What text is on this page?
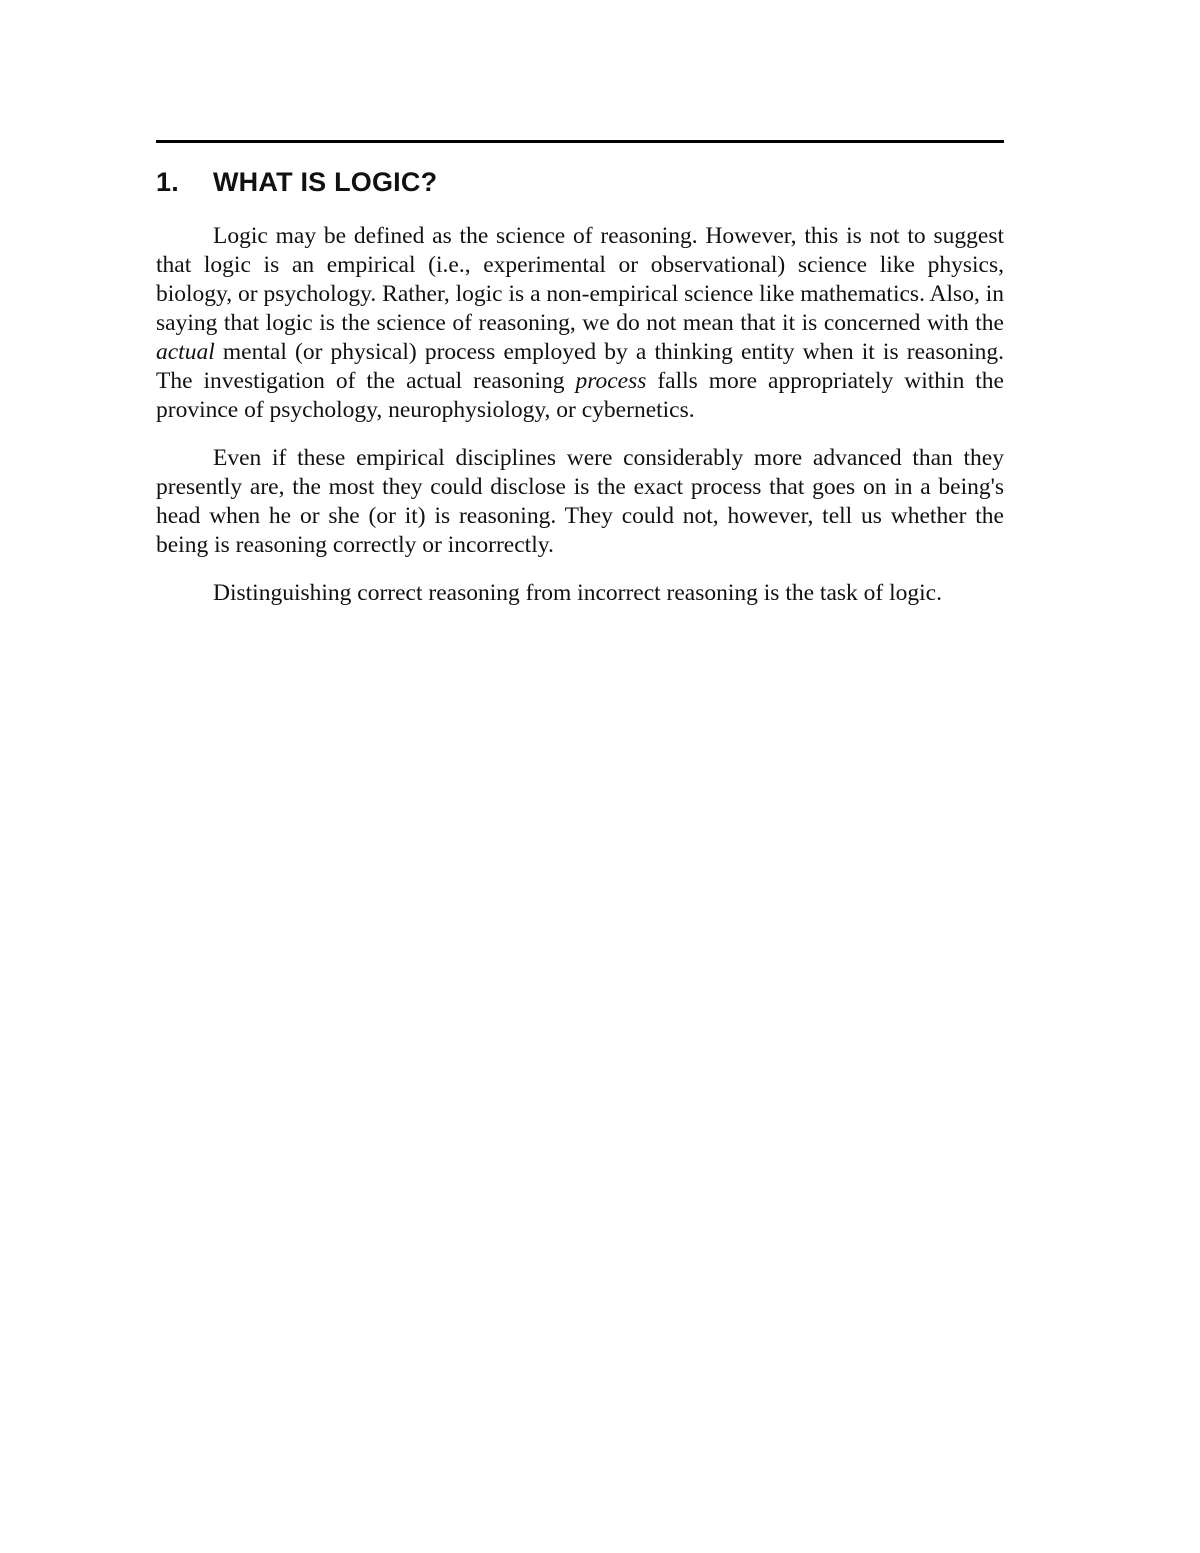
1. WHAT IS LOGIC?

Logic may be defined as the science of reasoning. However, this is not to suggest that logic is an empirical (i.e., experimental or observational) science like physics, biology, or psychology. Rather, logic is a non-empirical science like mathematics. Also, in saying that logic is the science of reasoning, we do not mean that it is concerned with the actual mental (or physical) process employed by a thinking entity when it is reasoning. The investigation of the actual reasoning process falls more appropriately within the province of psychology, neurophysiology, or cybernetics.

Even if these empirical disciplines were considerably more advanced than they presently are, the most they could disclose is the exact process that goes on in a being's head when he or she (or it) is reasoning. They could not, however, tell us whether the being is reasoning correctly or incorrectly.

Distinguishing correct reasoning from incorrect reasoning is the task of logic.
